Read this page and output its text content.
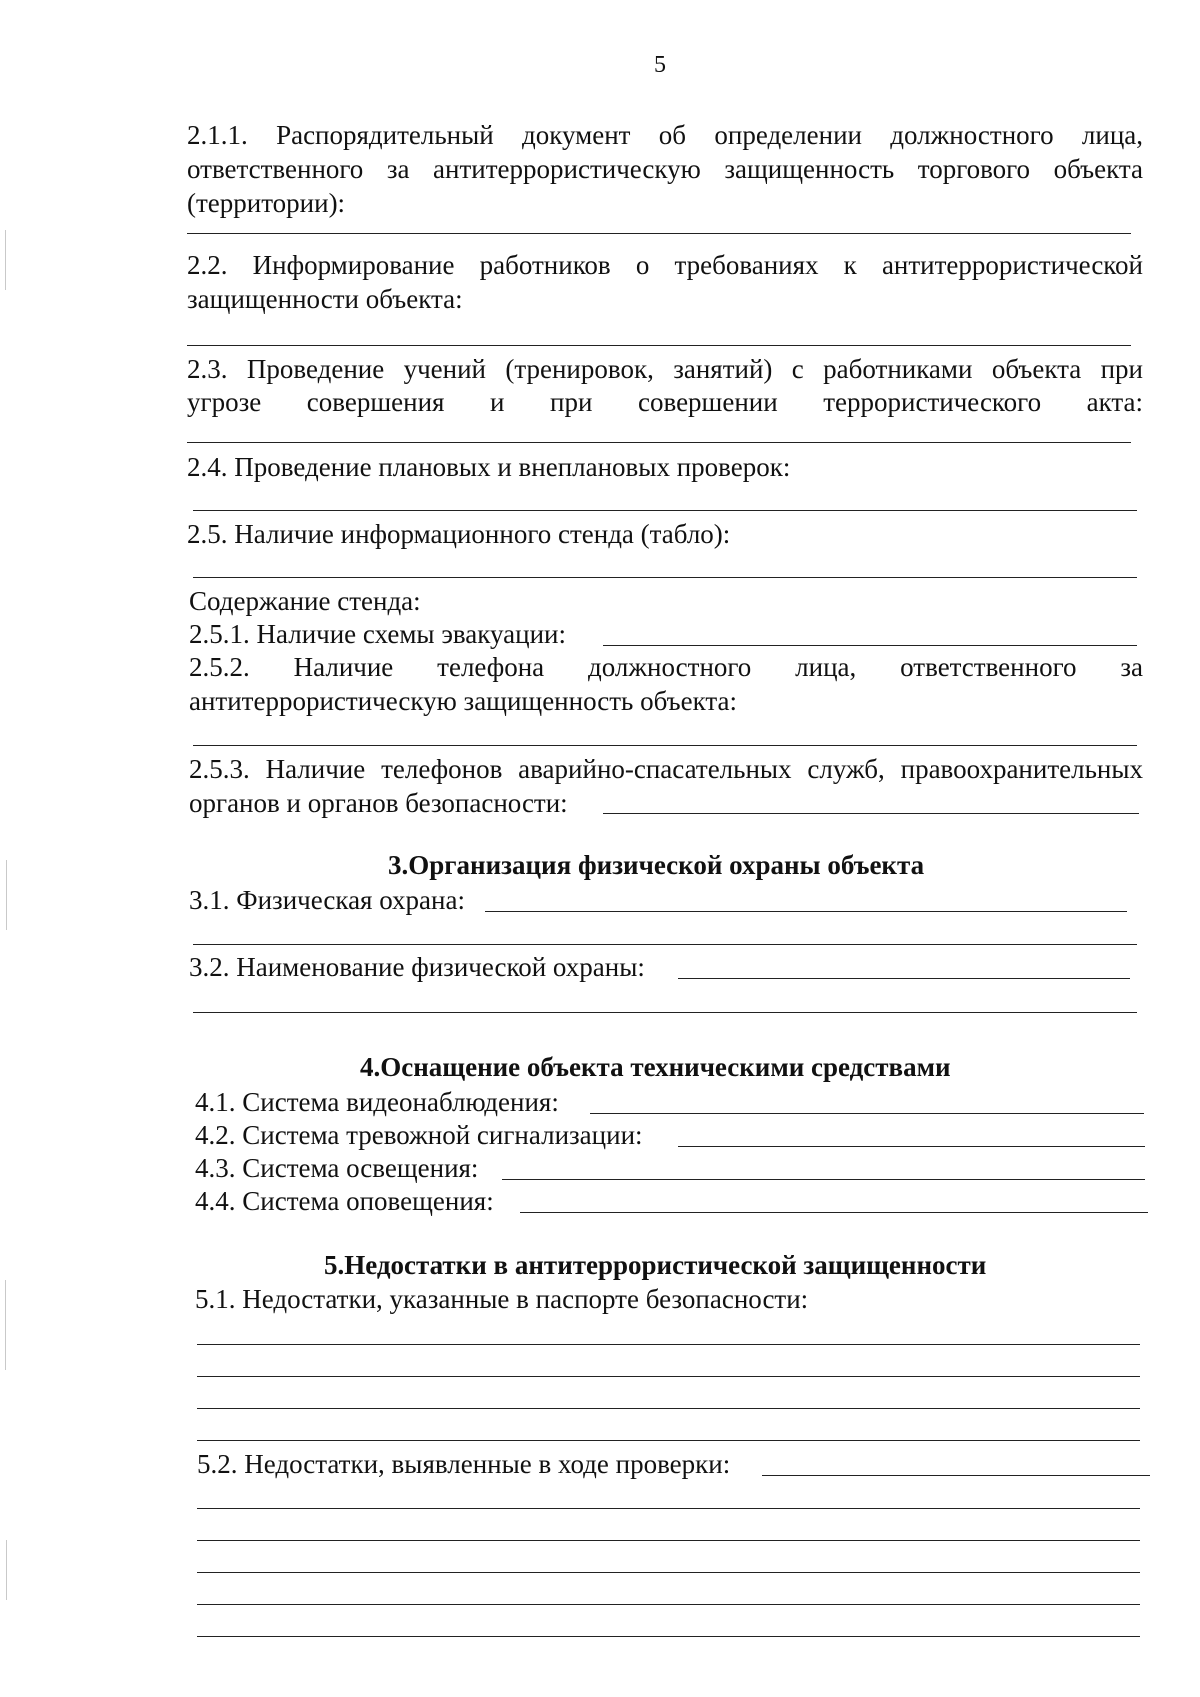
5
2.1.1. Распорядительный документ об определении должностного лица,
ответственного за антитеррористическую защищенность торгового объекта
(территории):
2.2. Информирование работников о требованиях к антитеррористической
защищенности объекта:
2.3. Проведение учений (тренировок, занятий) с работниками объекта при
угрозе совершения и при совершении террористического акта:
2.4. Проведение плановых и внеплановых проверок:
2.5. Наличие информационного стенда (табло):
Содержание стенда:
2.5.1. Наличие схемы эвакуации:
2.5.2. Наличие телефона должностного лица, ответственного за
антитеррористическую защищенность объекта:
2.5.3. Наличие телефонов аварийно-спасательных служб, правоохранительных
органов и органов безопасности:
3.Организация физической охраны объекта
3.1. Физическая охрана:
3.2. Наименование физической охраны:
4.Оснащение объекта техническими средствами
4.1. Система видеонаблюдения:
4.2. Система тревожной сигнализации:
4.3. Система освещения:
4.4. Система оповещения:
5.Недостатки в антитеррористической защищенности
5.1. Недостатки, указанные в паспорте безопасности:
5.2. Недостатки, выявленные в ходе проверки:
